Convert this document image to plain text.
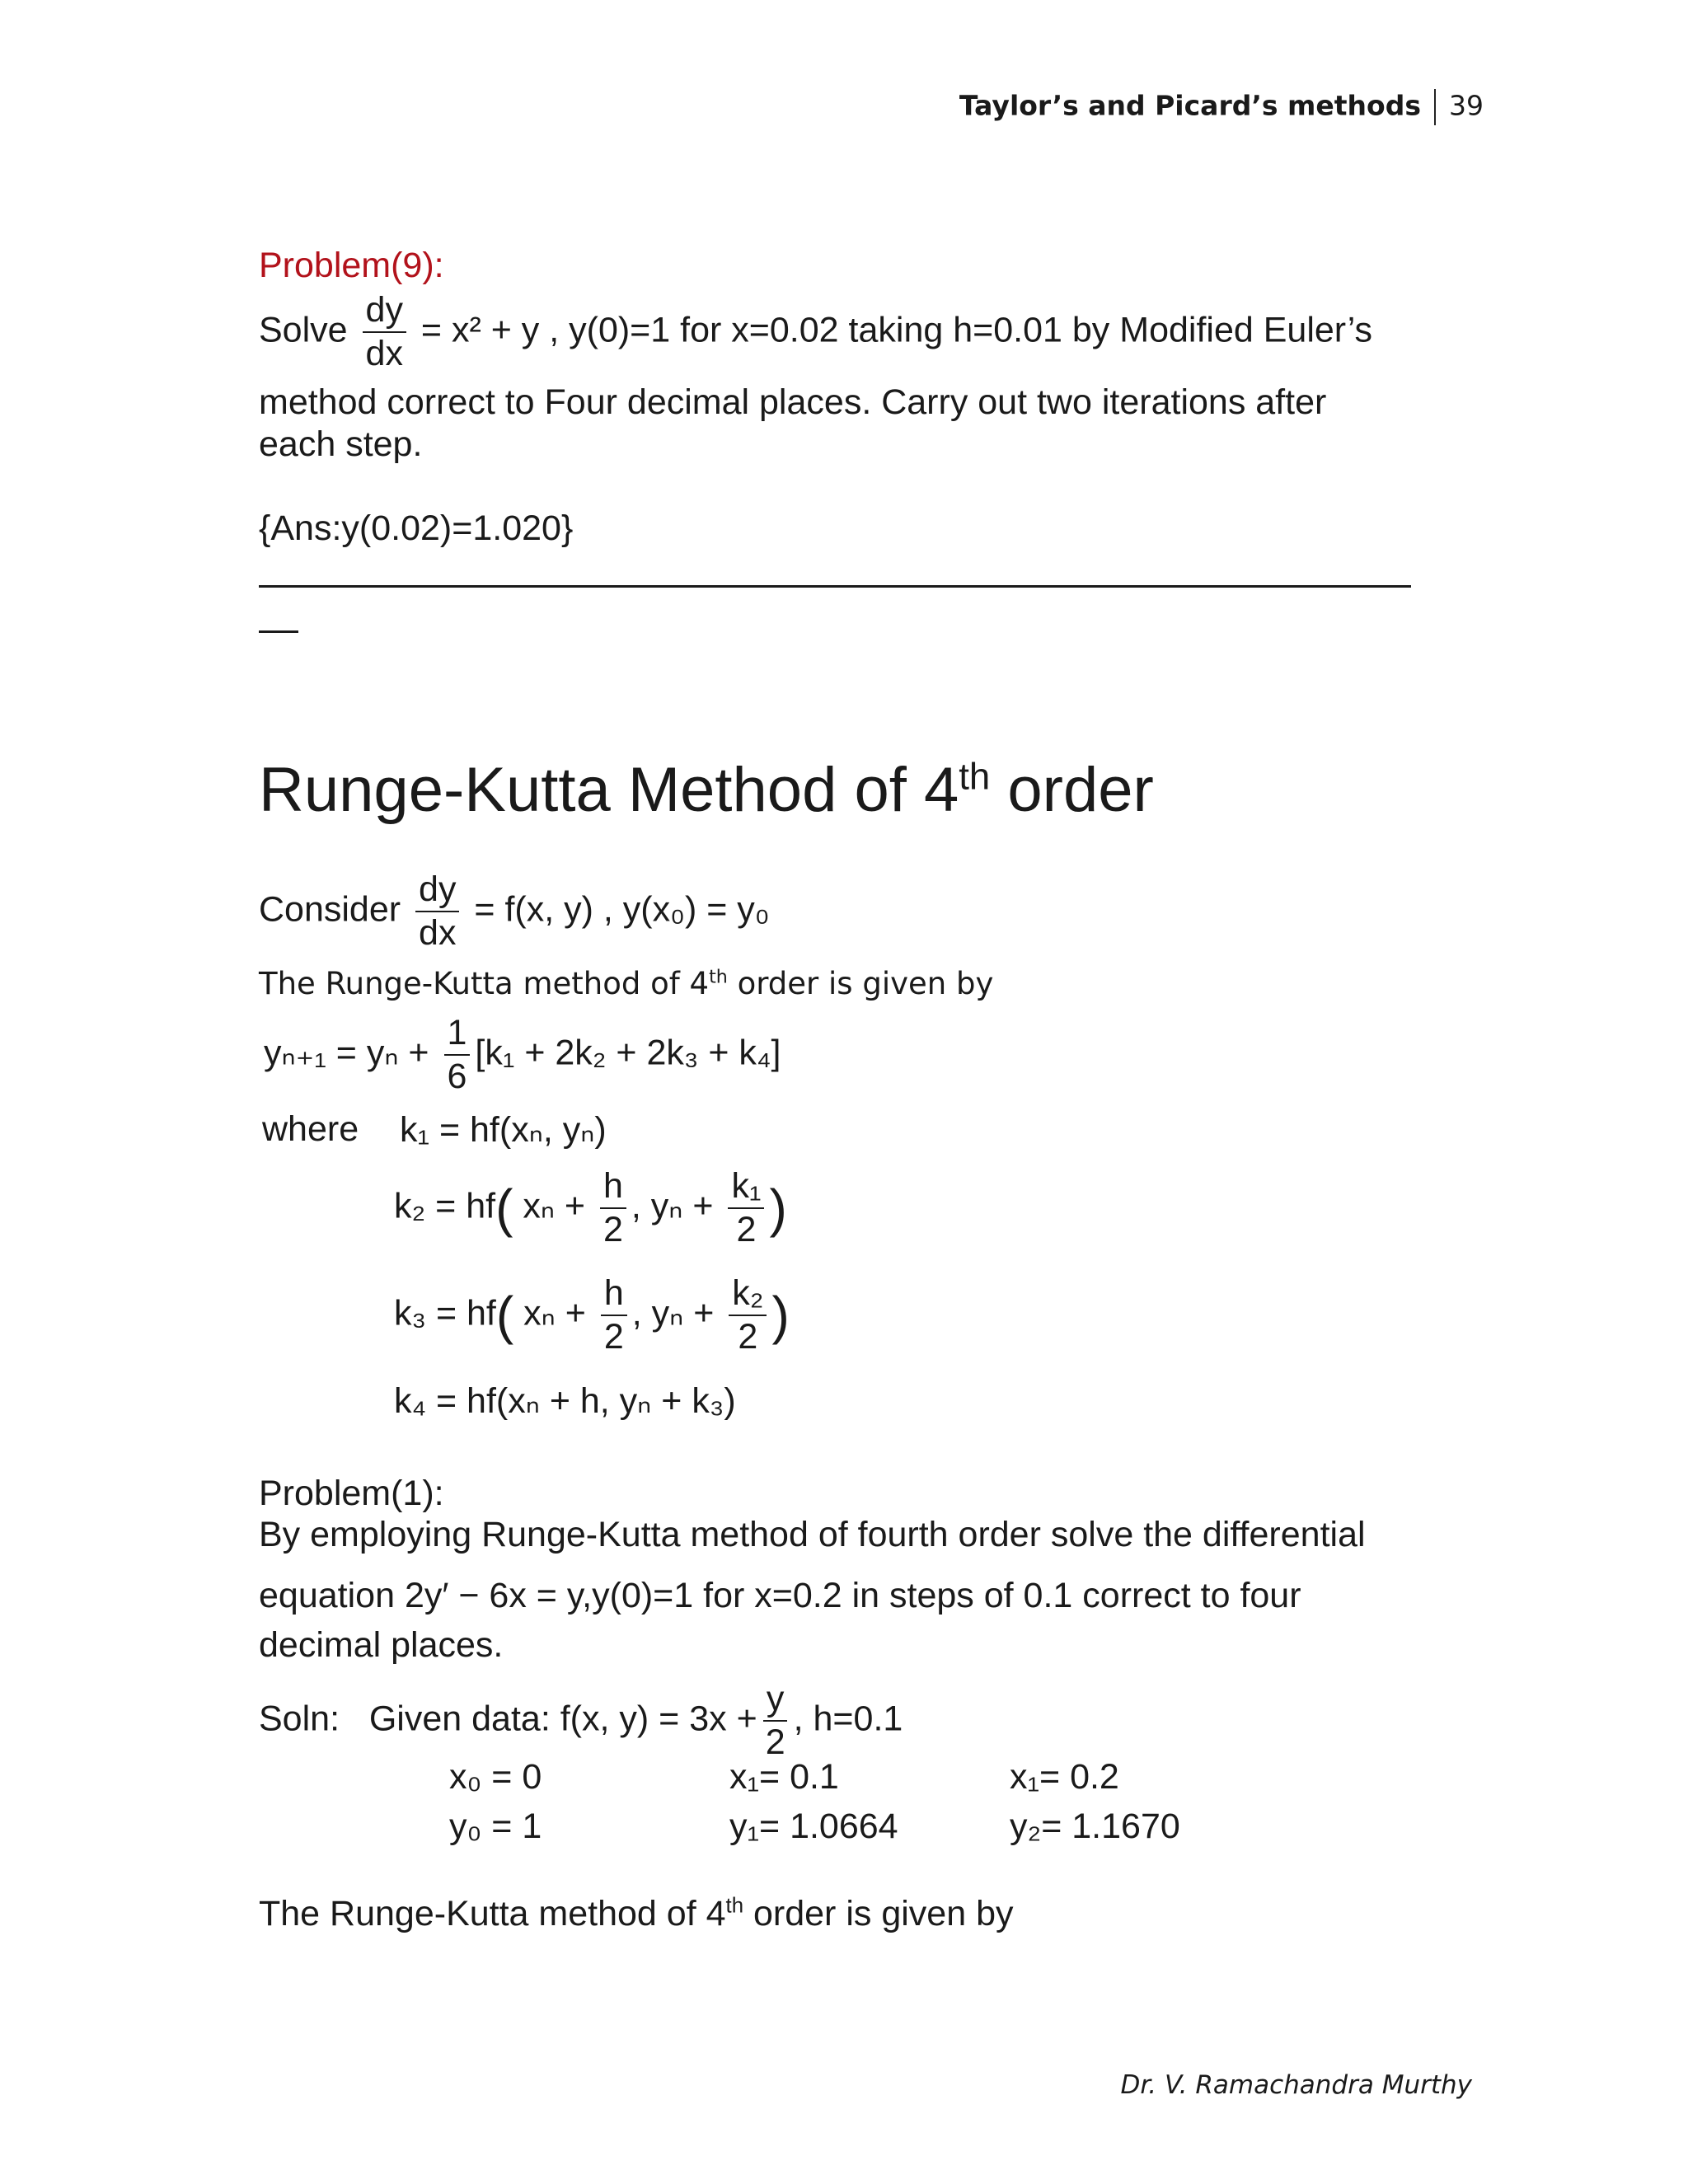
Taylor’s and Picard’s methods 39
Problem(9):
Solve $\frac{dy}{dx} = x^2 + y$ , y(0)=1 for x=0.02 taking h=0.01 by Modified Euler’s
method correct to Four decimal places. Carry out two iterations after
each step.
{Ans:y(0.02)=1.020}
Runge-Kutta Method of 4th order
Consider $\frac{dy}{dx} = f(x$, y) , y(x₀) = y₀
The Runge-Kutta method of 4th order is given by
$y_{n+1} = y_n + \frac{1}{6} [k_1 + 2k_2 + 2k_3 + k_4]$
where k₁ = hf(xₙ, yₙ)
k₂ = hf( $x_n + \frac{h}{2}$ , $y_n + \frac{\text{k₁}}{2}$ )
k₃ = hf( $x_n + \frac{h}{2}$ , $y_n + \frac{\text{k₂}}{2}$ )
k₄ = hf(xₙ + h, yₙ + k₃)
Problem(1):
By employing Runge-Kutta method of fourth order solve the differential
equation 2y′ − 6x = y,y(0)=1 for x=0.2 in steps of 0.1 correct to four
decimal places.
Soln: Given data: f(x, $y) = 3x + \frac{y}{2}$ , h=0.1
x₀ = 0	x₁= 0.1	x₁= 0.2
y₀ = 1	y₁= 1.0664	y₂= 1.1670
The Runge-Kutta method of 4th order is given by
Dr. V. Ramachandra Murthy
